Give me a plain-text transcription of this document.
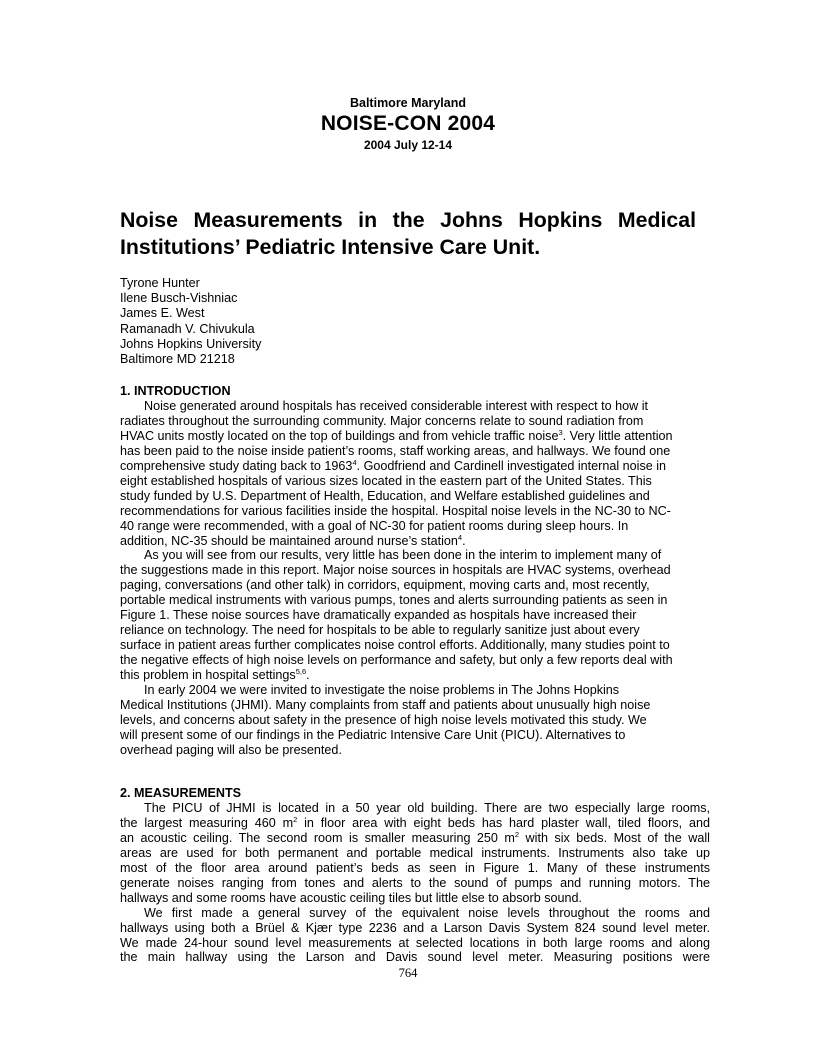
Baltimore Maryland
NOISE-CON 2004
2004 July 12-14
Noise Measurements in the Johns Hopkins Medical
Institutions’ Pediatric Intensive Care Unit.
Tyrone Hunter
Ilene Busch-Vishniac
James E. West
Ramanadh V. Chivukula
Johns Hopkins University
Baltimore MD 21218
1. INTRODUCTION
Noise generated around hospitals has received considerable interest with respect to how it
radiates throughout the surrounding community. Major concerns relate to sound radiation from
HVAC units mostly located on the top of buildings and from vehicle traffic noise$^3$. Very little attention
has been paid to the noise inside patient’s rooms, staff working areas, and hallways. We found one
comprehensive study dating back to 1963$^4$. Goodfriend and Cardinell investigated internal noise in
eight established hospitals of various sizes located in the eastern part of the United States. This
study funded by U.S. Department of Health, Education, and Welfare established guidelines and
recommendations for various facilities inside the hospital. Hospital noise levels in the NC-30 to NC-
40 range were recommended, with a goal of NC-30 for patient rooms during sleep hours. In
addition, NC-35 should be maintained around nurse’s station$^4$.
As you will see from our results, very little has been done in the interim to implement many of
the suggestions made in this report. Major noise sources in hospitals are HVAC systems, overhead
paging, conversations (and other talk) in corridors, equipment, moving carts and, most recently,
portable medical instruments with various pumps, tones and alerts surrounding patients as seen in
Figure 1. These noise sources have dramatically expanded as hospitals have increased their
reliance on technology. The need for hospitals to be able to regularly sanitize just about every
surface in patient areas further complicates noise control efforts. Additionally, many studies point to
the negative effects of high noise levels on performance and safety, but only a few reports deal with
this problem in hospital settings$^{5,6}$.
In early 2004 we were invited to investigate the noise problems in The Johns Hopkins
Medical Institutions (JHMI). Many complaints from staff and patients about unusually high noise
levels, and concerns about safety in the presence of high noise levels motivated this study. We
will present some of our findings in the Pediatric Intensive Care Unit (PICU). Alternatives to
overhead paging will also be presented.
2. MEASUREMENTS
The PICU of JHMI is located in a 50 year old building. There are two especially large rooms,
the largest measuring 460 $m^2$ in floor area with eight beds has hard plaster wall, tiled floors, and
an acoustic ceiling. The second room is smaller measuring 250 $m^2$ with six beds. Most of the wall
areas are used for both permanent and portable medical instruments. Instruments also take up
most of the floor area around patient’s beds as seen in Figure 1. Many of these instruments
generate noises ranging from tones and alerts to the sound of pumps and running motors. The
hallways and some rooms have acoustic ceiling tiles but little else to absorb sound.
We first made a general survey of the equivalent noise levels throughout the rooms and
hallways using both a Brüel & Kjær type 2236 and a Larson Davis System 824 sound level meter.
We made 24-hour sound level measurements at selected locations in both large rooms and along
the main hallway using the Larson and Davis sound level meter. Measuring positions were
764
